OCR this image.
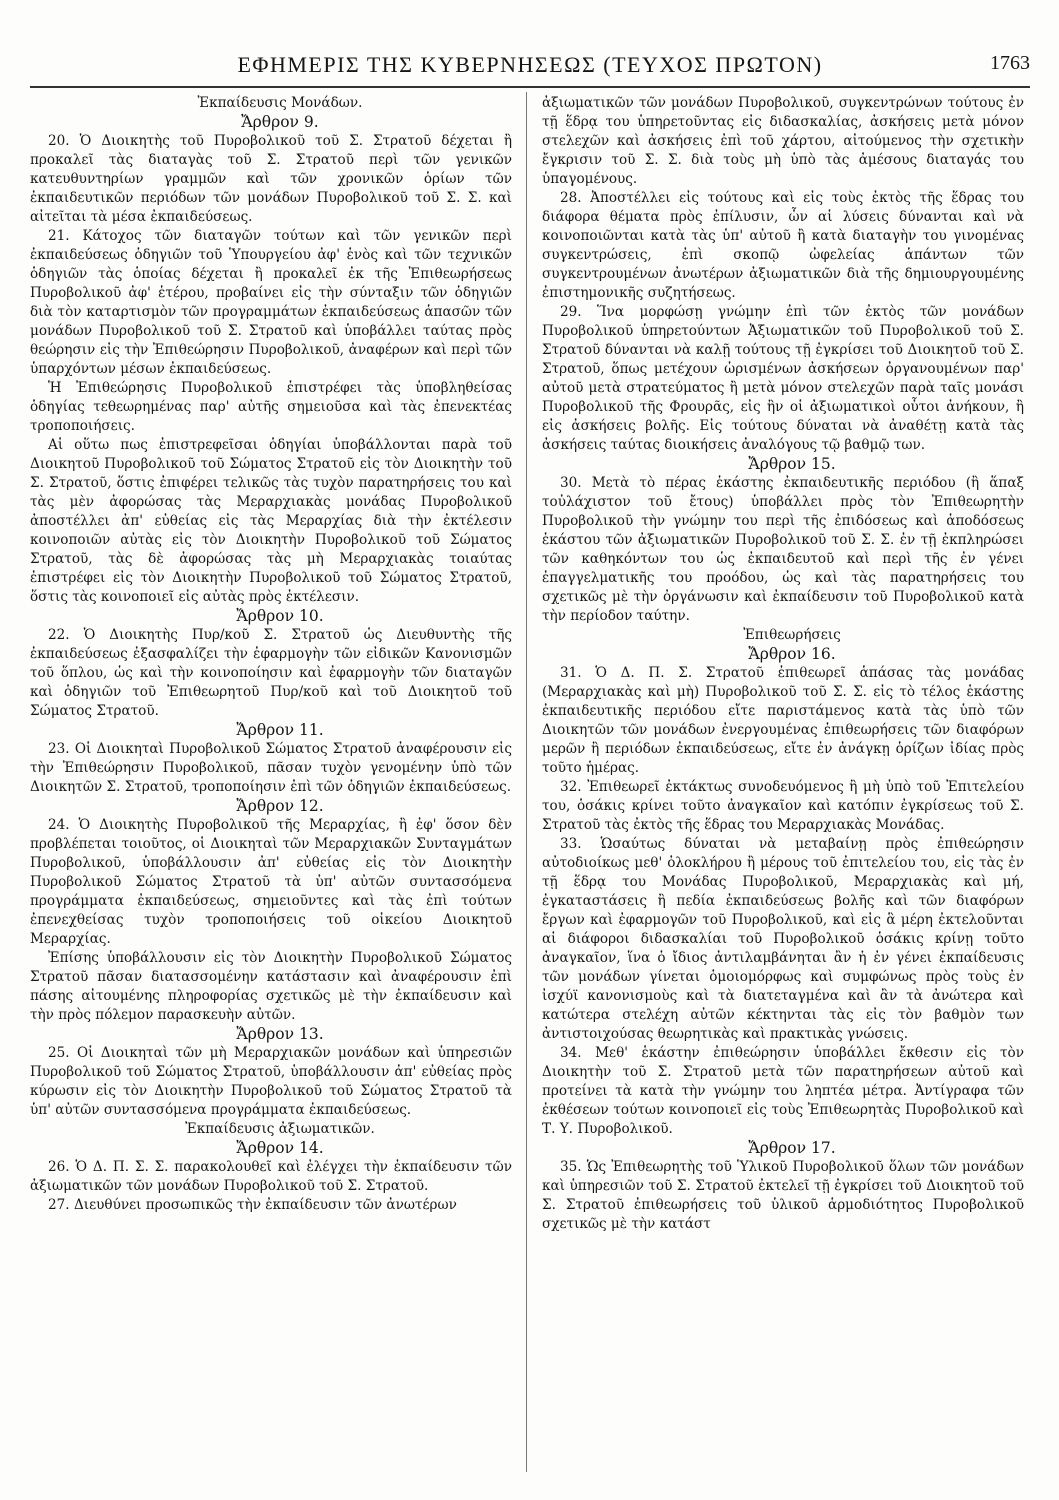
ΕΦΗΜΕΡΙΣ ΤΗΣ ΚΥΒΕΡΝΗΣΕΩΣ (ΤΕΥΧΟΣ ΠΡΩΤΟΝ)	1763

Ἐκπαίδευσις Μονάδων.

Ἄρθρον 9.

20. Ὁ Διοικητὴς τοῦ Πυροβολικοῦ τοῦ Σ. Στρατοῦ δέχεται ἢ προκαλεῖ τὰς διαταγὰς τοῦ Σ. Στρατοῦ περὶ τῶν γενικῶν κατευθυντηρίων γραμμῶν καὶ τῶν χρονικῶν ὁρίων τῶν ἐκπαιδευτικῶν περιόδων τῶν μονάδων Πυροβολικοῦ τοῦ Σ. Σ. καὶ αἰτεῖται τὰ μέσα ἐκπαιδεύσεως.

21. Κάτοχος τῶν διαταγῶν τούτων καὶ τῶν γενικῶν περὶ ἐκπαιδεύσεως ὁδηγιῶν τοῦ Ὑπουργείου ἀφ' ἑνὸς καὶ τῶν τεχνικῶν ὁδηγιῶν τὰς ὁποίας δέχεται ἢ προκαλεῖ ἐκ τῆς Ἐπιθεωρήσεως Πυροβολικοῦ ἀφ' ἑτέρου, προβαίνει εἰς τὴν σύνταξιν τῶν ὁδηγιῶν διὰ τὸν καταρτισμὸν τῶν προγραμμάτων ἐκπαιδεύσεως ἁπασῶν τῶν μονάδων Πυροβολικοῦ τοῦ Σ. Στρατοῦ καὶ ὑποβάλλει ταύτας πρὸς θεώρησιν εἰς τὴν Ἐπιθεώρησιν Πυροβολικοῦ, ἀναφέρων καὶ περὶ τῶν ὑπαρχόντων μέσων ἐκπαιδεύσεως.

Ἡ Ἐπιθεώρησις Πυροβολικοῦ ἐπιστρέφει τὰς ὑποβληθείσας ὁδηγίας τεθεωρημένας παρ' αὐτῆς σημειοῦσα καὶ τὰς ἐπενεκτέας τροποποιήσεις.

Αἱ οὕτω πως ἐπιστρεφεῖσαι ὁδηγίαι ὑποβάλλονται παρὰ τοῦ Διοικητοῦ Πυροβολικοῦ τοῦ Σώματος Στρατοῦ εἰς τὸν Διοικητὴν τοῦ Σ. Στρατοῦ, ὅστις ἐπιφέρει τελικῶς τὰς τυχὸν παρατηρήσεις του καὶ τὰς μὲν ἀφορώσας τὰς Μεραρχιακὰς μονάδας Πυροβολικοῦ ἀποστέλλει ἀπ' εὐθείας εἰς τὰς Μεραρχίας διὰ τὴν ἐκτέλεσιν κοινοποιῶν αὐτὰς εἰς τὸν Διοικητὴν Πυροβολικοῦ τοῦ Σώματος Στρατοῦ, τὰς δὲ ἀφορώσας τὰς μὴ Μεραρχιακὰς τοιαύτας ἐπιστρέφει εἰς τὸν Διοικητὴν Πυροβολικοῦ τοῦ Σώματος Στρατοῦ, ὅστις τὰς κοινοποιεῖ εἰς αὐτὰς πρὸς ἐκτέλεσιν.

Ἄρθρον 10.

22. Ὁ Διοικητὴς Πυρ/κοῦ Σ. Στρατοῦ ὡς Διευθυντὴς τῆς ἐκπαιδεύσεως ἐξασφαλίζει τὴν ἐφαρμογὴν τῶν εἰδικῶν Κανονισμῶν τοῦ ὅπλου, ὡς καὶ τὴν κοινοποίησιν καὶ ἐφαρμογὴν τῶν διαταγῶν καὶ ὁδηγιῶν τοῦ Ἐπιθεωρητοῦ Πυρ/κοῦ καὶ τοῦ Διοικητοῦ τοῦ Σώματος Στρατοῦ.

Ἄρθρον 11.

23. Οἱ Διοικηταὶ Πυροβολικοῦ Σώματος Στρατοῦ ἀναφέρουσιν εἰς τὴν Ἐπιθεώρησιν Πυροβολικοῦ, πᾶσαν τυχὸν γενομένην ὑπὸ τῶν Διοικητῶν Σ. Στρατοῦ, τροποποίησιν ἐπὶ τῶν ὁδηγιῶν ἐκπαιδεύσεως.

Ἄρθρον 12.

24. Ὁ Διοικητὴς Πυροβολικοῦ τῆς Μεραρχίας, ἢ ἐφ' ὅσον δὲν προβλέπεται τοιοῦτος, οἱ Διοικηταὶ τῶν Μεραρχιακῶν Συνταγμάτων Πυροβολικοῦ, ὑποβάλλουσιν ἀπ' εὐθείας εἰς τὸν Διοικητὴν Πυροβολικοῦ Σώματος Στρατοῦ τὰ ὑπ' αὐτῶν συντασσόμενα προγράμματα ἐκπαιδεύσεως, σημειοῦντες καὶ τὰς ἐπὶ τούτων ἐπενεχθείσας τυχὸν τροποποιήσεις τοῦ οἰκείου Διοικητοῦ Μεραρχίας.

Ἐπίσης ὑποβάλλουσιν εἰς τὸν Διοικητὴν Πυροβολικοῦ Σώματος Στρατοῦ πᾶσαν διατασσομένην κατάστασιν καὶ ἀναφέρουσιν ἐπὶ πάσης αἰτουμένης πληροφορίας σχετικῶς μὲ τὴν ἐκπαίδευσιν καὶ τὴν πρὸς πόλεμον παρασκευὴν αὐτῶν.

Ἄρθρον 13.

25. Οἱ Διοικηταὶ τῶν μὴ Μεραρχιακῶν μονάδων καὶ ὑπηρεσιῶν Πυροβολικοῦ τοῦ Σώματος Στρατοῦ, ὑποβάλλουσιν ἀπ' εὐθείας πρὸς κύρωσιν εἰς τὸν Διοικητὴν Πυροβολικοῦ τοῦ Σώματος Στρατοῦ τὰ ὑπ' αὐτῶν συντασσόμενα προγράμματα ἐκπαιδεύσεως.

Ἐκπαίδευσις ἀξιωματικῶν.

Ἄρθρον 14.

26. Ὁ Δ. Π. Σ. Σ. παρακολουθεῖ καὶ ἐλέγχει τὴν ἐκπαίδευσιν τῶν ἀξιωματικῶν τῶν μονάδων Πυροβολικοῦ τοῦ Σ. Στρατοῦ.

27. Διευθύνει προσωπικῶς τὴν ἐκπαίδευσιν τῶν ἀνωτέρων

ἀξιωματικῶν τῶν μονάδων Πυροβολικοῦ, συγκεντρώνων τούτους ἐν τῇ ἕδρᾳ του ὑπηρετοῦντας εἰς διδασκαλίας, ἀσκήσεις μετὰ μόνον στελεχῶν καὶ ἀσκήσεις ἐπὶ τοῦ χάρτου, αἰτούμενος τὴν σχετικὴν ἔγκρισιν τοῦ Σ. Σ. διὰ τοὺς μὴ ὑπὸ τὰς ἀμέσους διαταγάς του ὑπαγομένους.

28. Ἀποστέλλει εἰς τούτους καὶ εἰς τοὺς ἐκτὸς τῆς ἕδρας του διάφορα θέματα πρὸς ἐπίλυσιν, ὧν αἱ λύσεις δύνανται καὶ νὰ κοινοποιῶνται κατὰ τὰς ὑπ' αὐτοῦ ἢ κατὰ διαταγὴν του γινομένας συγκεντρώσεις, ἐπὶ σκοπῷ ὠφελείας ἁπάντων τῶν συγκεντρουμένων ἀνωτέρων ἀξιωματικῶν διὰ τῆς δημιουργουμένης ἐπιστημονικῆς συζητήσεως.

29. Ἵνα μορφώσῃ γνώμην ἐπὶ τῶν ἐκτὸς τῶν μονάδων Πυροβολικοῦ ὑπηρετούντων Ἀξιωματικῶν τοῦ Πυροβολικοῦ τοῦ Σ. Στρατοῦ δύνανται νὰ καλῇ τούτους τῇ ἐγκρίσει τοῦ Διοικητοῦ τοῦ Σ. Στρατοῦ, ὅπως μετέχουν ὡρισμένων ἀσκήσεων ὀργανουμένων παρ' αὐτοῦ μετὰ στρατεύματος ἢ μετὰ μόνον στελεχῶν παρὰ ταῖς μονάσι Πυροβολικοῦ τῆς Φρουρᾶς, εἰς ἣν οἱ ἀξιωματικοὶ οὗτοι ἀνήκουν, ἢ εἰς ἀσκήσεις βολῆς. Εἰς τούτους δύναται νὰ ἀναθέτῃ κατὰ τὰς ἀσκήσεις ταύτας διοικήσεις ἀναλόγους τῷ βαθμῷ των.

Ἄρθρον 15.

30. Μετὰ τὸ πέρας ἑκάστης ἐκπαιδευτικῆς περιόδου (ἢ ἅπαξ τοὐλάχιστον τοῦ ἔτους) ὑποβάλλει πρὸς τὸν Ἐπιθεωρητὴν Πυροβολικοῦ τὴν γνώμην του περὶ τῆς ἐπιδόσεως καὶ ἀποδόσεως ἑκάστου τῶν ἀξιωματικῶν Πυροβολικοῦ τοῦ Σ. Σ. ἐν τῇ ἐκπληρώσει τῶν καθηκόντων του ὡς ἐκπαιδευτοῦ καὶ περὶ τῆς ἐν γένει ἐπαγγελματικῆς του προόδου, ὡς καὶ τὰς παρατηρήσεις του σχετικῶς μὲ τὴν ὀργάνωσιν καὶ ἐκπαίδευσιν τοῦ Πυροβολικοῦ κατὰ τὴν περίοδον ταύτην.

Ἐπιθεωρήσεις

Ἄρθρον 16.

31. Ὁ Δ. Π. Σ. Στρατοῦ ἐπιθεωρεῖ ἁπάσας τὰς μονάδας (Μεραρχιακὰς καὶ μὴ) Πυροβολικοῦ τοῦ Σ. Σ. εἰς τὸ τέλος ἑκάστης ἐκπαιδευτικῆς περιόδου εἴτε παριστάμενος κατὰ τὰς ὑπὸ τῶν Διοικητῶν τῶν μονάδων ἐνεργουμένας ἐπιθεωρήσεις τῶν διαφόρων μερῶν ἢ περιόδων ἐκπαιδεύσεως, εἴτε ἐν ἀνάγκῃ ὁρίζων ἰδίας πρὸς τοῦτο ἡμέρας.

32. Ἐπιθεωρεῖ ἐκτάκτως συνοδευόμενος ἢ μὴ ὑπὸ τοῦ Ἐπιτελείου του, ὁσάκις κρίνει τοῦτο ἀναγκαῖον καὶ κατόπιν ἐγκρίσεως τοῦ Σ. Στρατοῦ τὰς ἐκτὸς τῆς ἕδρας του Μεραρχιακὰς Μονάδας.

33. Ὡσαύτως δύναται νὰ μεταβαίνῃ πρὸς ἐπιθεώρησιν αὐτοδιοίκως μεθ' ὁλοκλήρου ἢ μέρους τοῦ ἐπιτελείου του, εἰς τὰς ἐν τῇ ἕδρᾳ του Μονάδας Πυροβολικοῦ, Μεραρχιακὰς καὶ μή, ἐγκαταστάσεις ἢ πεδία ἐκπαιδεύσεως βολῆς καὶ τῶν διαφόρων ἔργων καὶ ἐφαρμογῶν τοῦ Πυροβολικοῦ, καὶ εἰς ἃ μέρη ἐκτελοῦνται αἱ διάφοροι διδασκαλίαι τοῦ Πυροβολικοῦ ὁσάκις κρίνῃ τοῦτο ἀναγκαῖον, ἵνα ὁ ἴδιος ἀντιλαμβάνηται ἂν ἡ ἐν γένει ἐκπαίδευσις τῶν μονάδων γίνεται ὁμοιομόρφως καὶ συμφώνως πρὸς τοὺς ἐν ἰσχύϊ κανονισμοὺς καὶ τὰ διατεταγμένα καὶ ἂν τὰ ἀνώτερα καὶ κατώτερα στελέχη αὐτῶν κέκτηνται τὰς εἰς τὸν βαθμὸν των ἀντιστοιχούσας θεωρητικὰς καὶ πρακτικὰς γνώσεις.

34. Μεθ' ἑκάστην ἐπιθεώρησιν ὑποβάλλει ἔκθεσιν εἰς τὸν Διοικητὴν τοῦ Σ. Στρατοῦ μετὰ τῶν παρατηρήσεων αὐτοῦ καὶ προτείνει τὰ κατὰ τὴν γνώμην του ληπτέα μέτρα. Ἀντίγραφα τῶν ἐκθέσεων τούτων κοινοποιεῖ εἰς τοὺς Ἐπιθεωρητὰς Πυροβολικοῦ καὶ Τ. Υ. Πυροβολικοῦ.

Ἄρθρον 17.

35. Ὡς Ἐπιθεωρητὴς τοῦ Ὑλικοῦ Πυροβολικοῦ ὅλων τῶν μονάδων καὶ ὑπηρεσιῶν τοῦ Σ. Στρατοῦ ἐκτελεῖ τῇ ἐγκρίσει τοῦ Διοικητοῦ τοῦ Σ. Στρατοῦ ἐπιθεωρήσεις τοῦ ὑλικοῦ ἁρμοδιότητος Πυροβολικοῦ σχετικῶς μὲ τὴν κατάστ
